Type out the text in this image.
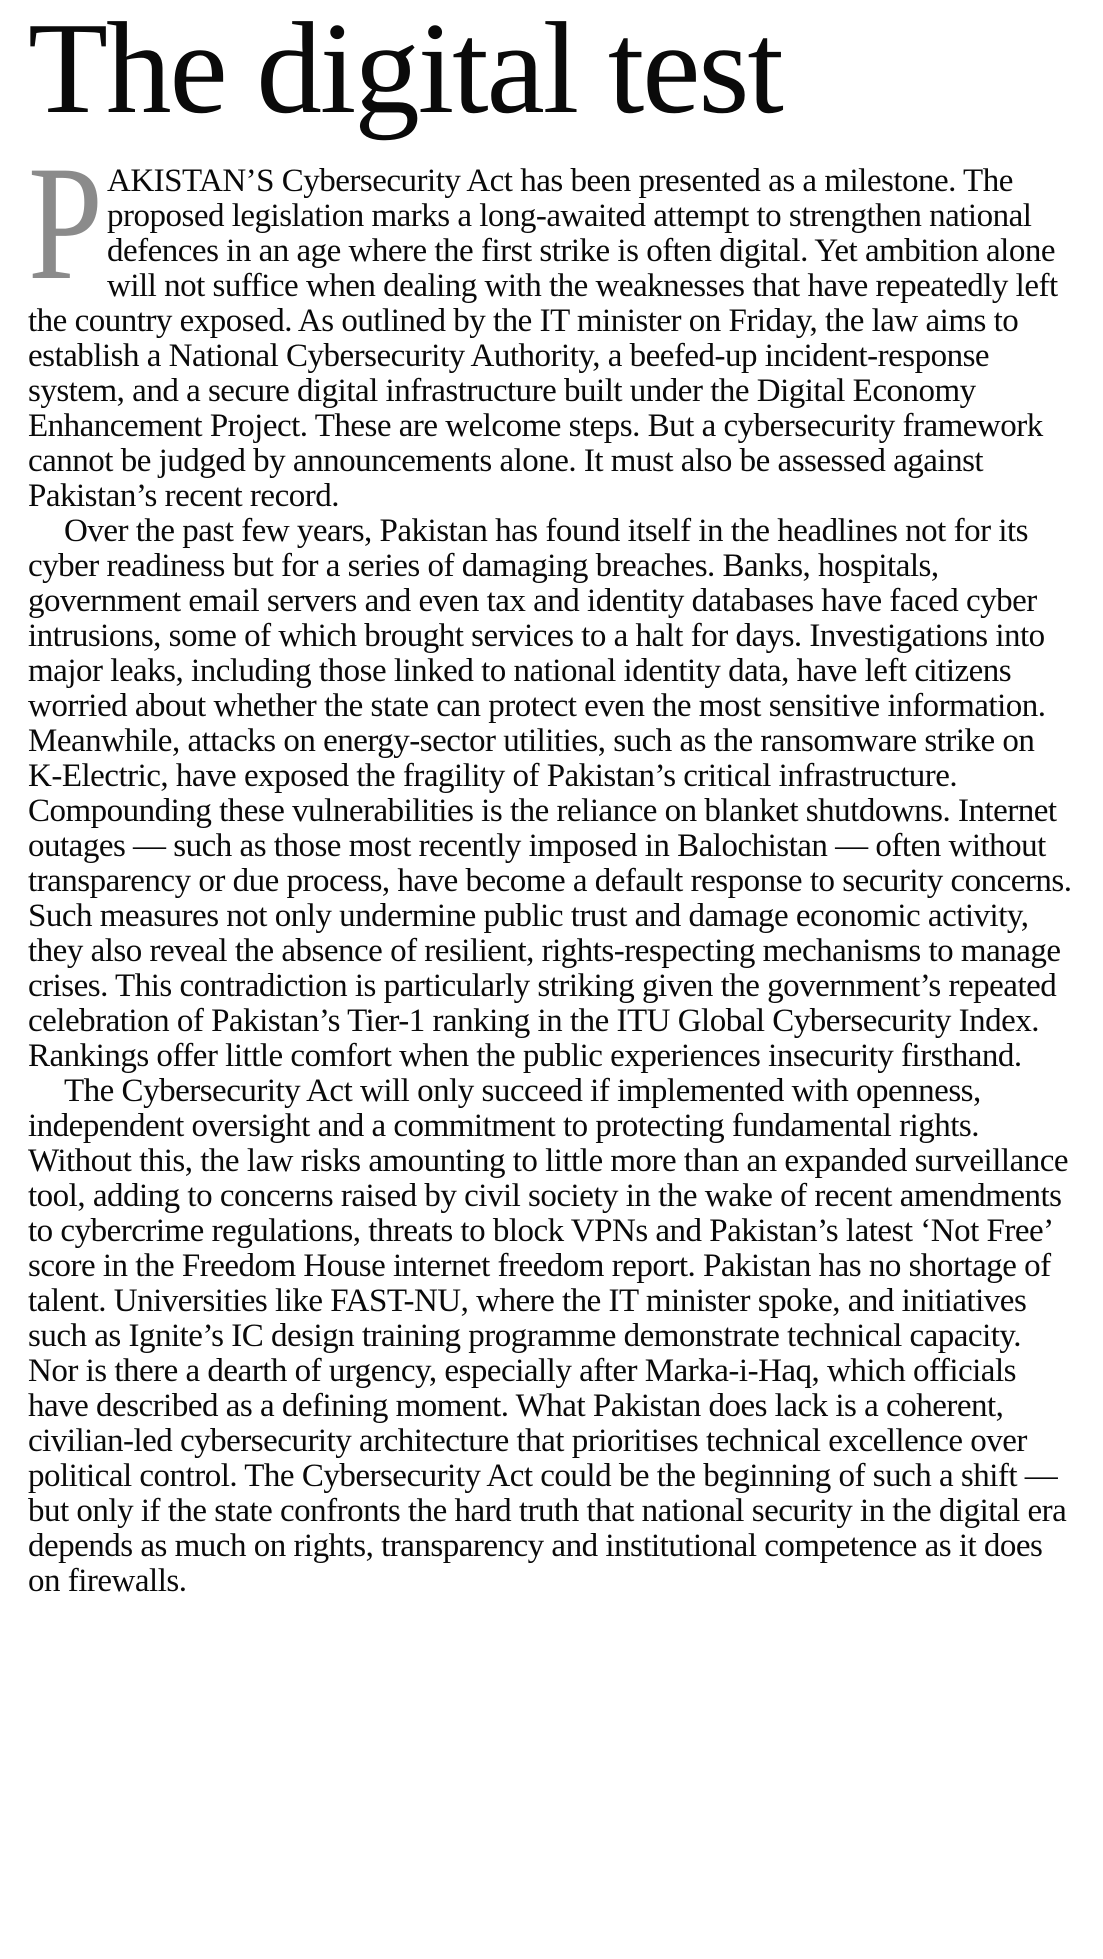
The digital test

PAKISTAN’S Cybersecurity Act has been presented as a milestone. The proposed legislation marks a long-awaited attempt to strengthen national defences in an age where the first strike is often digital. Yet ambition alone will not suffice when dealing with the weaknesses that have repeatedly left the country exposed. As outlined by the IT minister on Friday, the law aims to establish a National Cybersecurity Authority, a beefed-up incident-response system, and a secure digital infrastructure built under the Digital Economy Enhancement Project. These are welcome steps. But a cybersecurity framework cannot be judged by announcements alone. It must also be assessed against Pakistan’s recent record.

Over the past few years, Pakistan has found itself in the headlines not for its cyber readiness but for a series of damaging breaches. Banks, hospitals, government email servers and even tax and identity databases have faced cyber intrusions, some of which brought services to a halt for days. Investigations into major leaks, including those linked to national identity data, have left citizens worried about whether the state can protect even the most sensitive information. Meanwhile, attacks on energy-sector utilities, such as the ransomware strike on K-Electric, have exposed the fragility of Pakistan’s critical infrastructure. Compounding these vulnerabilities is the reliance on blanket shutdowns. Internet outages — such as those most recently imposed in Balochistan — often without transparency or due process, have become a default response to security concerns. Such measures not only undermine public trust and damage economic activity, they also reveal the absence of resilient, rights-respecting mechanisms to manage crises. This contradiction is particularly striking given the government’s repeated celebration of Pakistan’s Tier-1 ranking in the ITU Global Cybersecurity Index. Rankings offer little comfort when the public experiences insecurity firsthand.

The Cybersecurity Act will only succeed if implemented with openness, independent oversight and a commitment to protecting fundamental rights. Without this, the law risks amounting to little more than an expanded surveillance tool, adding to concerns raised by civil society in the wake of recent amendments to cybercrime regulations, threats to block VPNs and Pakistan’s latest ‘Not Free’ score in the Freedom House internet freedom report. Pakistan has no shortage of talent. Universities like FAST-NU, where the IT minister spoke, and initiatives such as Ignite’s IC design training programme demonstrate technical capacity. Nor is there a dearth of urgency, especially after Marka-i-Haq, which officials have described as a defining moment. What Pakistan does lack is a coherent, civilian-led cybersecurity architecture that prioritises technical excellence over political control. The Cybersecurity Act could be the beginning of such a shift — but only if the state confronts the hard truth that national security in the digital era depends as much on rights, transparency and institutional competence as it does on firewalls.
